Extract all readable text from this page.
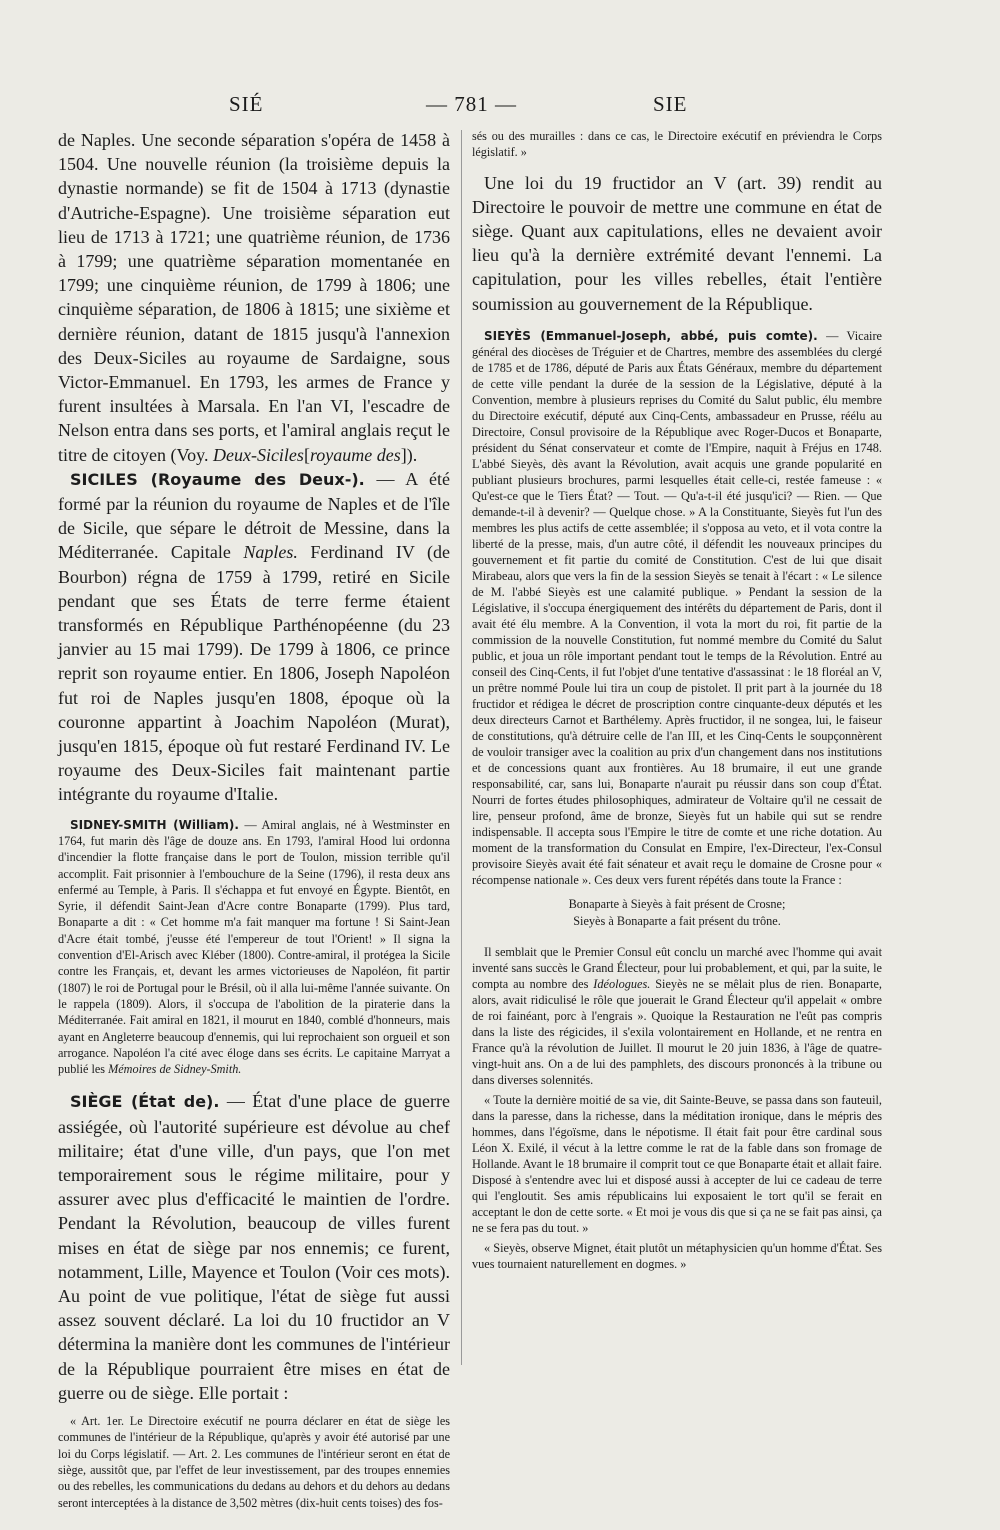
SIÉ	— 781 —	SIE

de Naples. Une seconde séparation s'opéra de 1458 à 1504. Une nouvelle réunion (la troisième depuis la dynastie normande) se fit de 1504 à 1713 (dynastie d'Autriche-Espagne). Une troisième séparation eut lieu de 1713 à 1721; une quatrième réunion, de 1736 à 1799; une quatrième séparation momentanée en 1799; une cinquième réunion, de 1799 à 1806; une cinquième séparation, de 1806 à 1815; une sixième et dernière réunion, datant de 1815 jusqu'à l'annexion des Deux-Siciles au royaume de Sardaigne, sous Victor-Emmanuel. En 1793, les armes de France y furent insultées à Marsala. En l'an VI, l'escadre de Nelson entra dans ses ports, et l'amiral anglais reçut le titre de citoyen (Voy. Deux-Siciles[royaume des]).

SICILES (Royaume des Deux-). — A été formé par la réunion du royaume de Naples et de l'île de Sicile, que sépare le détroit de Messine, dans la Méditerranée. Capitale Naples. Ferdinand IV (de Bourbon) régna de 1759 à 1799, retiré en Sicile pendant que ses États de terre ferme étaient transformés en République Parthénopéenne (du 23 janvier au 15 mai 1799). De 1799 à 1806, ce prince reprit son royaume entier. En 1806, Joseph Napoléon fut roi de Naples jusqu'en 1808, époque où la couronne appartint à Joachim Napoléon (Murat), jusqu'en 1815, époque où fut restaré Ferdinand IV. Le royaume des Deux-Siciles fait maintenant partie intégrante du royaume d'Italie.

SIDNEY-SMITH (William). — Amiral anglais, né à Westminster en 1764, fut marin dès l'âge de douze ans. En 1793, l'amiral Hood lui ordonna d'incendier la flotte française dans le port de Toulon, mission terrible qu'il accomplit. Fait prisonnier à l'embouchure de la Seine (1796), il resta deux ans enfermé au Temple, à Paris. Il s'échappa et fut envoyé en Égypte. Bientôt, en Syrie, il défendit Saint-Jean d'Acre contre Bonaparte (1799). Plus tard, Bonaparte a dit : « Cet homme m'a fait manquer ma fortune ! Si Saint-Jean d'Acre était tombé, j'eusse été l'empereur de tout l'Orient! » Il signa la convention d'El-Arisch avec Kléber (1800). Contre-amiral, il protégea la Sicile contre les Français, et, devant les armes victorieuses de Napoléon, fit partir (1807) le roi de Portugal pour le Brésil, où il alla lui-même l'année suivante. On le rappela (1809). Alors, il s'occupa de l'abolition de la piraterie dans la Méditerranée. Fait amiral en 1821, il mourut en 1840, comblé d'honneurs, mais ayant en Angleterre beaucoup d'ennemis, qui lui reprochaient son orgueil et son arrogance. Napoléon l'a cité avec éloge dans ses écrits. Le capitaine Marryat a publié les Mémoires de Sidney-Smith.

SIÈGE (État de). — État d'une place de guerre assiégée, où l'autorité supérieure est dévolue au chef militaire; état d'une ville, d'un pays, que l'on met temporairement sous le régime militaire, pour y assurer avec plus d'efficacité le maintien de l'ordre. Pendant la Révolution, beaucoup de villes furent mises en état de siège par nos ennemis; ce furent, notamment, Lille, Mayence et Toulon (Voir ces mots). Au point de vue politique, l'état de siège fut aussi assez souvent déclaré. La loi du 10 fructidor an V détermina la manière dont les communes de l'intérieur de la République pourraient être mises en état de guerre ou de siège. Elle portait :

« Art. 1er. Le Directoire exécutif ne pourra déclarer en état de siège les communes de l'intérieur de la République, qu'après y avoir été autorisé par une loi du Corps législatif. — Art. 2. Les communes de l'intérieur seront en état de siège, aussitôt que, par l'effet de leur investissement, par des troupes ennemies ou des rebelles, les communications du dedans au dehors et du dehors au dedans seront interceptées à la distance de 3,502 mètres (dix-huit cents toises) des fos-

sés ou des murailles : dans ce cas, le Directoire exécutif en préviendra le Corps législatif. »

Une loi du 19 fructidor an V (art. 39) rendit au Directoire le pouvoir de mettre une commune en état de siège. Quant aux capitulations, elles ne devaient avoir lieu qu'à la dernière extrémité devant l'ennemi. La capitulation, pour les villes rebelles, était l'entière soumission au gouvernement de la République.

SIEYÈS (Emmanuel-Joseph, abbé, puis comte). — Vicaire général des diocèses de Tréguier et de Chartres, membre des assemblées du clergé de 1785 et de 1786, député de Paris aux États Généraux, membre du département de cette ville pendant la durée de la session de la Législative, député à la Convention, membre à plusieurs reprises du Comité du Salut public, élu membre du Directoire exécutif, député aux Cinq-Cents, ambassadeur en Prusse, réélu au Directoire, Consul provisoire de la République avec Roger-Ducos et Bonaparte, président du Sénat conservateur et comte de l'Empire, naquit à Fréjus en 1748. L'abbé Sieyès, dès avant la Révolution, avait acquis une grande popularité en publiant plusieurs brochures, parmi lesquelles était celle-ci, restée fameuse : « Qu'est-ce que le Tiers État? — Tout. — Qu'a-t-il été jusqu'ici? — Rien. — Que demande-t-il à devenir? — Quelque chose. » A la Constituante, Sieyès fut l'un des membres les plus actifs de cette assemblée; il s'opposa au veto, et il vota contre la liberté de la presse, mais, d'un autre côté, il défendit les nouveaux principes du gouvernement et fit partie du comité de Constitution. C'est de lui que disait Mirabeau, alors que vers la fin de la session Sieyès se tenait à l'écart : « Le silence de M. l'abbé Sieyès est une calamité publique. » Pendant la session de la Législative, il s'occupa énergiquement des intérêts du département de Paris, dont il avait été élu membre. A la Convention, il vota la mort du roi, fit partie de la commission de la nouvelle Constitution, fut nommé membre du Comité du Salut public, et joua un rôle important pendant tout le temps de la Révolution. Entré au conseil des Cinq-Cents, il fut l'objet d'une tentative d'assassinat : le 18 floréal an V, un prêtre nommé Poule lui tira un coup de pistolet. Il prit part à la journée du 18 fructidor et rédigea le décret de proscription contre cinquante-deux députés et les deux directeurs Carnot et Barthélemy. Après fructidor, il ne songea, lui, le faiseur de constitutions, qu'à détruire celle de l'an III, et les Cinq-Cents le soupçonnèrent de vouloir transiger avec la coalition au prix d'un changement dans nos institutions et de concessions quant aux frontières. Au 18 brumaire, il eut une grande responsabilité, car, sans lui, Bonaparte n'aurait pu réussir dans son coup d'État. Nourri de fortes études philosophiques, admirateur de Voltaire qu'il ne cessait de lire, penseur profond, âme de bronze, Sieyès fut un habile qui sut se rendre indispensable. Il accepta sous l'Empire le titre de comte et une riche dotation. Au moment de la transformation du Consulat en Empire, l'ex-Directeur, l'ex-Consul provisoire Sieyès avait été fait sénateur et avait reçu le domaine de Crosne pour « récompense nationale ». Ces deux vers furent répétés dans toute la France :

Bonaparte à Sieyès à fait présent de Crosne;
Sieyès à Bonaparte a fait présent du trône.

Il semblait que le Premier Consul eût conclu un marché avec l'homme qui avait inventé sans succès le Grand Électeur, pour lui probablement, et qui, par la suite, le compta au nombre des Idéologues. Sieyès ne se mêlait plus de rien. Bonaparte, alors, avait ridiculisé le rôle que jouerait le Grand Électeur qu'il appelait « ombre de roi fainéant, porc à l'engrais ». Quoique la Restauration ne l'eût pas compris dans la liste des régicides, il s'exila volontairement en Hollande, et ne rentra en France qu'à la révolution de Juillet. Il mourut le 20 juin 1836, à l'âge de quatre-vingt-huit ans. On a de lui des pamphlets, des discours prononcés à la tribune ou dans diverses solennités.

« Toute la dernière moitié de sa vie, dit Sainte-Beuve, se passa dans son fauteuil, dans la paresse, dans la richesse, dans la méditation ironique, dans le mépris des hommes, dans l'égoïsme, dans le népotisme. Il était fait pour être cardinal sous Léon X. Exilé, il vécut à la lettre comme le rat de la fable dans son fromage de Hollande. Avant le 18 brumaire il comprit tout ce que Bonaparte était et allait faire. Disposé à s'entendre avec lui et disposé aussi à accepter de lui ce cadeau de terre qui l'engloutit. Ses amis républicains lui exposaient le tort qu'il se ferait en acceptant le don de cette sorte. « Et moi je vous dis que si ça ne se fait pas ainsi, ça ne se fera pas du tout. »

« Sieyès, observe Mignet, était plutôt un métaphysicien qu'un homme d'État. Ses vues tournaient naturellement en dogmes. »
